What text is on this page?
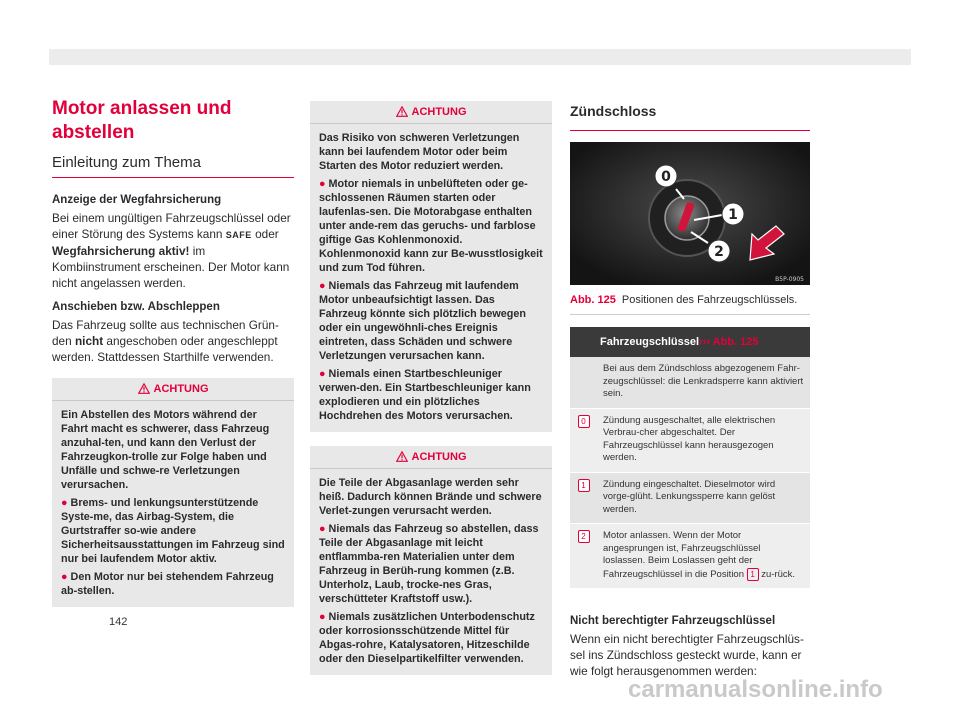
142
Motor anlassen und abstellen
Einleitung zum Thema

Anzeige der Wegfahrsicherung

Bei einem ungültigen Fahrzeugschlüssel oder einer Störung des Systems kann SAFE oder Wegfahrsicherung aktiv! im Kombiinstrument erscheinen. Der Motor kann nicht angelassen werden.

Anschieben bzw. Abschleppen

Das Fahrzeug sollte aus technischen Grün-den nicht angeschoben oder angeschleppt werden. Stattdessen Starthilfe verwenden.

ACHTUNG
Ein Abstellen des Motors während der Fahrt macht es schwerer, dass Fahrzeug anzuhal-ten, und kann den Verlust der Fahrzeugkon-trolle zur Folge haben und Unfälle und schwe-re Verletzungen verursachen.
● Brems- und lenkungsunterstützende Syste-me, das Airbag-System, die Gurtstraffer so-wie andere Sicherheitsausstattungen im Fahrzeug sind nur bei laufendem Motor aktiv.
● Den Motor nur bei stehendem Fahrzeug ab-stellen.
ACHTUNG
Das Risiko von schweren Verletzungen kann bei laufendem Motor oder beim Starten des Motor reduziert werden.
● Motor niemals in unbelüfteten oder ge-schlossenen Räumen starten oder laufenlas-sen. Die Motorabgase enthalten unter ande-rem das geruchs- und farblose giftige Gas Kohlenmonoxid. Kohlenmonoxid kann zur Be-wusstlosigkeit und zum Tod führen.
● Niemals das Fahrzeug mit laufendem Motor unbeaufsichtigt lassen. Das Fahrzeug könnte sich plötzlich bewegen oder ein ungewöhnli-ches Ereignis eintreten, dass Schäden und schwere Verletzungen verursachen kann.
● Niemals einen Startbeschleuniger verwen-den. Ein Startbeschleuniger kann explodieren und ein plötzliches Hochdrehen des Motors verursachen.
ACHTUNG
Die Teile der Abgasanlage werden sehr heiß. Dadurch können Brände und schwere Verlet-zungen verursacht werden.
● Niemals das Fahrzeug so abstellen, dass Teile der Abgasanlage mit leicht entflammba-ren Materialien unter dem Fahrzeug in Berüh-rung kommen (z.B. Unterholz, Laub, trocke-nes Gras, verschütteter Kraftstoff usw.).
● Niemals zusätzlichen Unterbodenschutz oder korrosionsschützende Mittel für Abgas-rohre, Katalysatoren, Hitzeschilde oder den Dieselpartikelfilter verwenden.
Zündschloss
0
1
2
B5P-0905
Abb. 125 Positionen des Fahrzeugschlüssels.
Fahrzeugschlüssel››› Abb. 125	
	Bei aus dem Zündschloss abgezogenem Fahr-zeugschlüssel: die Lenkradsperre kann aktiviert sein.
0	Zündung ausgeschaltet, alle elektrischen Verbrau-cher abgeschaltet. Der Fahrzeugschlüssel kann herausgezogen werden.
1	Zündung eingeschaltet. Dieselmotor wird vorge-glüht. Lenkungssperre kann gelöst werden.
2	Motor anlassen. Wenn der Motor angesprungen ist, Fahrzeugschlüssel loslassen. Beim Loslassen geht der Fahrzeugschlüssel in die Position 1 zu-rück.

Nicht berechtigter Fahrzeugschlüssel

Wenn ein nicht berechtigter Fahrzeugschlüs-sel ins Zündschloss gesteckt wurde, kann er wie folgt herausgenommen werden:

carmanualsonline.info
